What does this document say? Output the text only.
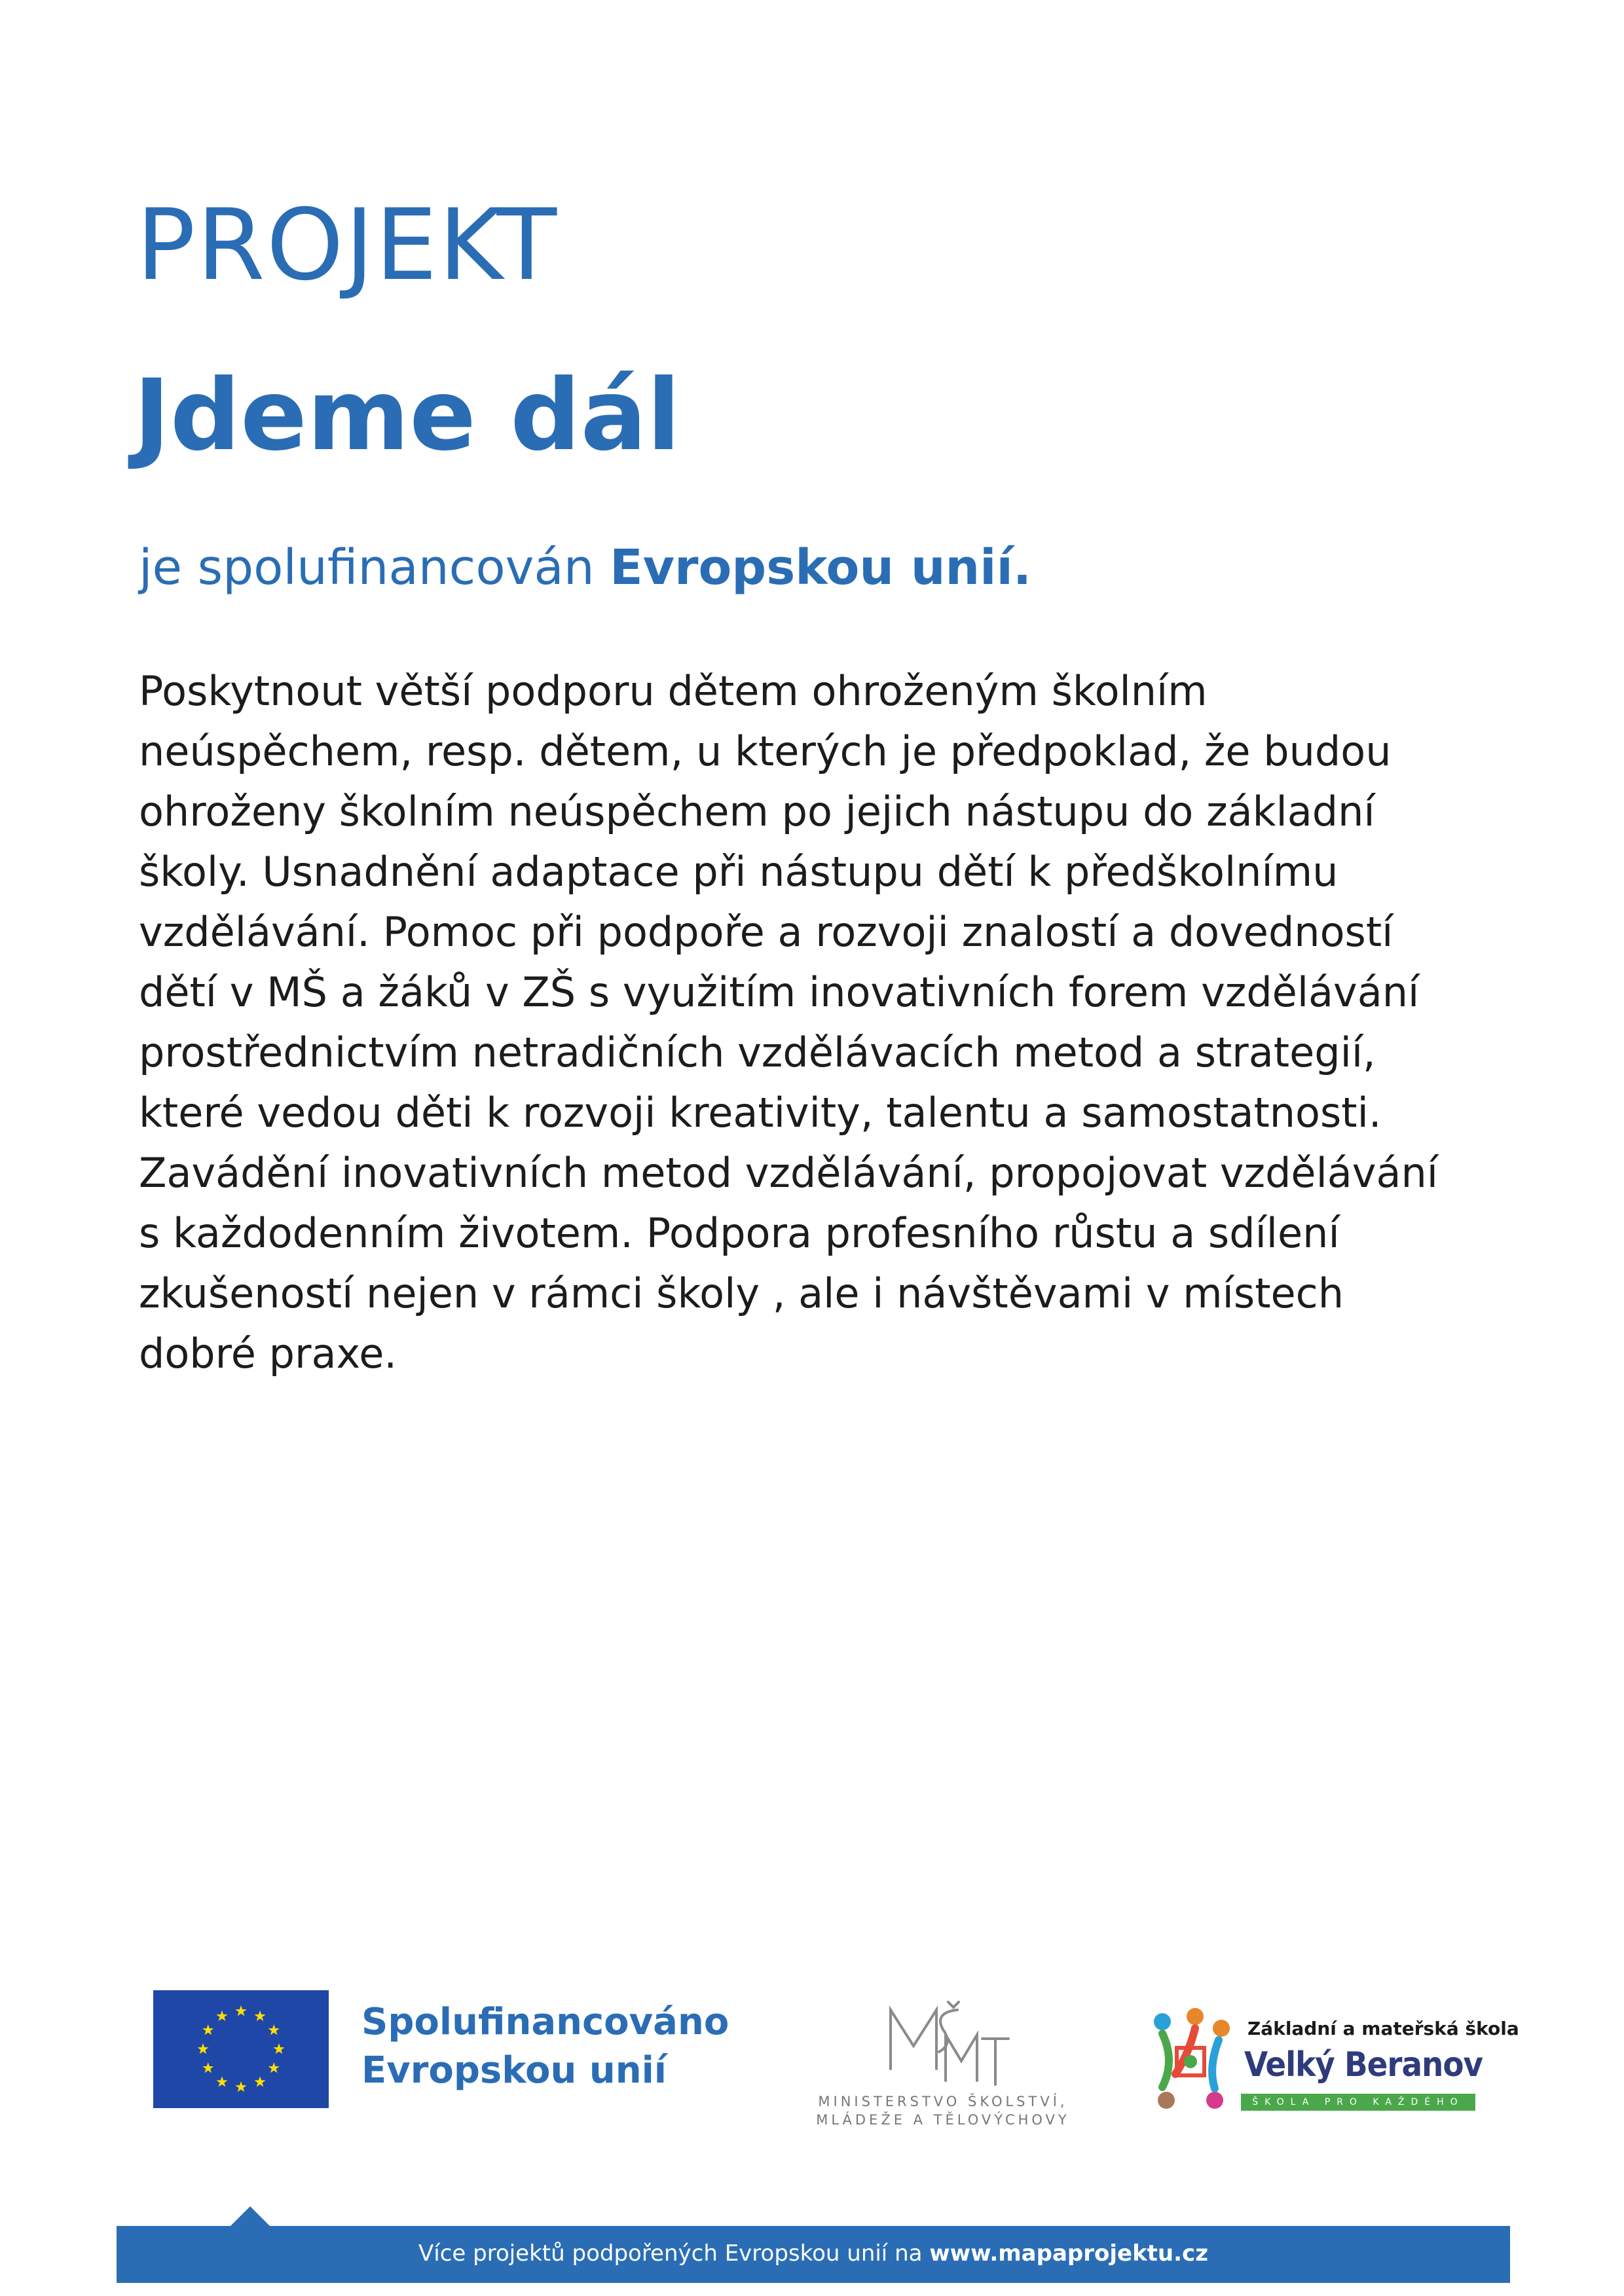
PROJEKT
Jdeme dál
je spolufinancován Evropskou unií.
Poskytnout větší podporu dětem ohroženým školním
neúspěchem, resp. dětem, u kterých je předpoklad, že budou
ohroženy školním neúspěchem po jejich nástupu do základní
školy. Usnadnění adaptace při nástupu dětí k předškolnímu
vzdělávání. Pomoc při podpoře a rozvoji znalostí a dovedností
dětí v MŠ a žáků v ZŠ s využitím inovativních forem vzdělávání
prostřednictvím netradičních vzdělávacích metod a strategií,
které vedou děti k rozvoji kreativity, talentu a samostatnosti.
Zavádění inovativních metod vzdělávání, propojovat vzdělávání
s každodenním životem. Podpora profesního růstu a sdílení
zkušeností nejen v rámci školy , ale i návštěvami v místech
dobré praxe.
Spolufinancováno
Evropskou unií
MINISTERSTVO ŠKOLSTVÍ,
MLÁDEŽE A TĚLOVÝCHOVY
Základní a mateřská škola
Velký Beranov
ŠKOLA PRO KAŽDÉHO
Více projektů podpořených Evropskou unií na www.mapaprojektu.cz
